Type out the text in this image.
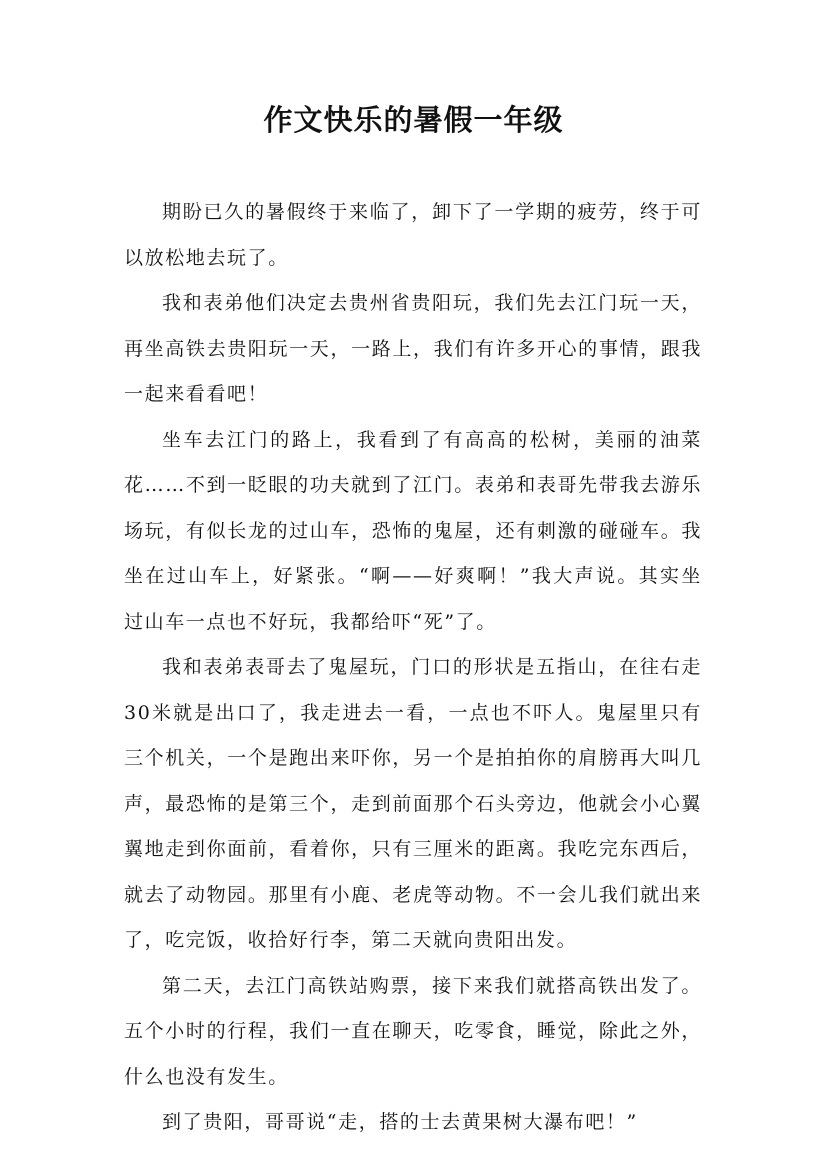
作文快乐的暑假一年级

期盼已久的暑假终于来临了，卸下了一学期的疲劳，终于可以放松地去玩了。

我和表弟他们决定去贵州省贵阳玩，我们先去江门玩一天，再坐高铁去贵阳玩一天，一路上，我们有许多开心的事情，跟我一起来看看吧！

坐车去江门的路上，我看到了有高高的松树，美丽的油菜花……不到一眨眼的功夫就到了江门。表弟和表哥先带我去游乐场玩，有似长龙的过山车，恐怖的鬼屋，还有刺激的碰碰车。我坐在过山车上，好紧张。“啊——好爽啊！”我大声说。其实坐过山车一点也不好玩，我都给吓“死”了。

我和表弟表哥去了鬼屋玩，门口的形状是五指山，在往右走30米就是出口了，我走进去一看，一点也不吓人。鬼屋里只有三个机关，一个是跑出来吓你，另一个是拍拍你的肩膀再大叫几声，最恐怖的是第三个，走到前面那个石头旁边，他就会小心翼翼地走到你面前，看着你，只有三厘米的距离。我吃完东西后，就去了动物园。那里有小鹿、老虎等动物。不一会儿我们就出来了，吃完饭，收拾好行李，第二天就向贵阳出发。

第二天，去江门高铁站购票，接下来我们就搭高铁出发了。五个小时的行程，我们一直在聊天，吃零食，睡觉，除此之外，什么也没有发生。

到了贵阳，哥哥说“走，搭的士去黄果树大瀑布吧！”
